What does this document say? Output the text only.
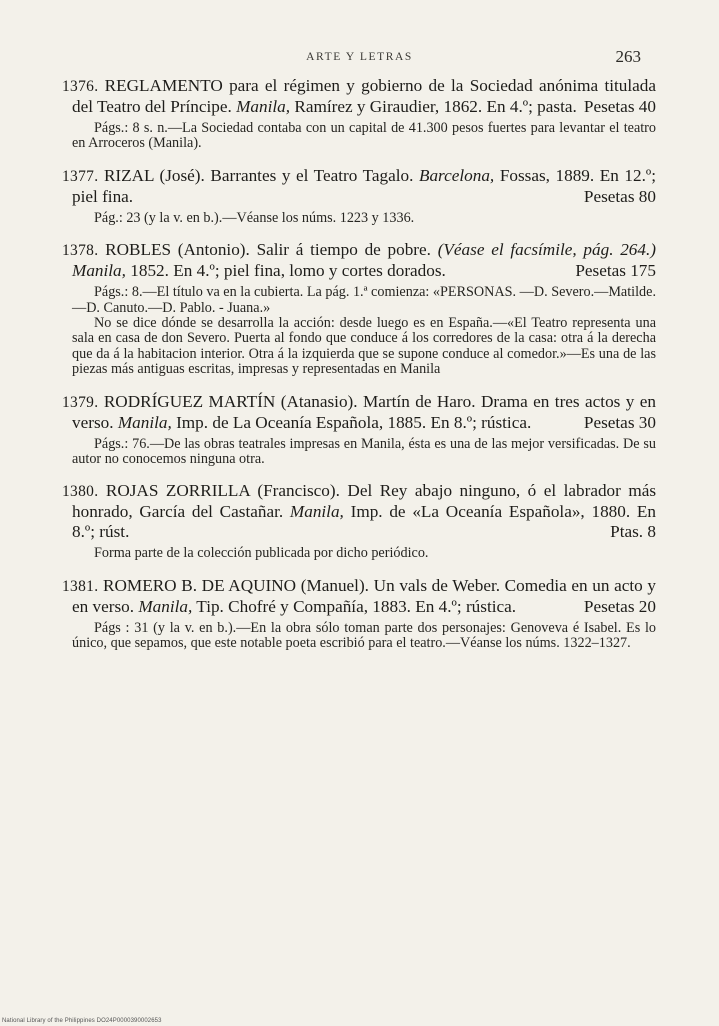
ARTE Y LETRAS	263

1376. REGLAMENTO para el régimen y gobierno de la Sociedad anónima titulada del Teatro del Príncipe. Manila, Ramírez y Giraudier, 1862. En 4.º; pasta. Pesetas 40

Págs.: 8 s. n.—La Sociedad contaba con un capital de 41.300 pesos fuertes para levantar el teatro en Arroceros (Manila).

1377. RIZAL (José). Barrantes y el Teatro Tagalo. Barcelona, Fossas, 1889. En 12.º; piel fina.	Pesetas 80

Pág.: 23 (y la v. en b.).—Véanse los núms. 1223 y 1336.

1378. ROBLES (Antonio). Salir á tiempo de pobre. (Véase el facsímile, pág. 264.) Manila, 1852. En 4.º; piel fina, lomo y cortes dorados.	Pesetas 175

Págs.: 8.—El título va en la cubierta. La pág. 1.ª comienza: «PERSONAS. —D. Severo.—Matilde.—D. Canuto.—D. Pablo. - Juana.»

No se dice dónde se desarrolla la acción: desde luego es en España.—«El Teatro representa una sala en casa de don Severo. Puerta al fondo que conduce á los corredores de la casa: otra á la derecha que da á la habitacion interior. Otra á la izquierda que se supone conduce al comedor.»—Es una de las piezas más antiguas escritas, impresas y representadas en Manila

1379. RODRÍGUEZ MARTÍN (Atanasio). Martín de Haro. Drama en tres actos y en verso. Manila, Imp. de La Oceanía Española, 1885. En 8.º; rústica.	Pesetas 30

Págs.: 76.—De las obras teatrales impresas en Manila, ésta es una de las mejor versificadas. De su autor no conocemos ninguna otra.

1380. ROJAS ZORRILLA (Francisco). Del Rey abajo ninguno, ó el labrador más honrado, García del Castañar. Manila, Imp. de «La Oceanía Española», 1880. En 8.º; rúst.	Ptas. 8

Forma parte de la colección publicada por dicho periódico.

1381. ROMERO B. DE AQUINO (Manuel). Un vals de Weber. Comedia en un acto y en verso. Manila, Tip. Chofré y Compañía, 1883. En 4.º; rústica.	Pesetas 20

Págs : 31 (y la v. en b.).—En la obra sólo toman parte dos personajes: Genoveva é Isabel. Es lo único, que sepamos, que este notable poeta escribió para el teatro.—Véanse los núms. 1322–1327.

National Library of the Philippines DO24P0000390002653
